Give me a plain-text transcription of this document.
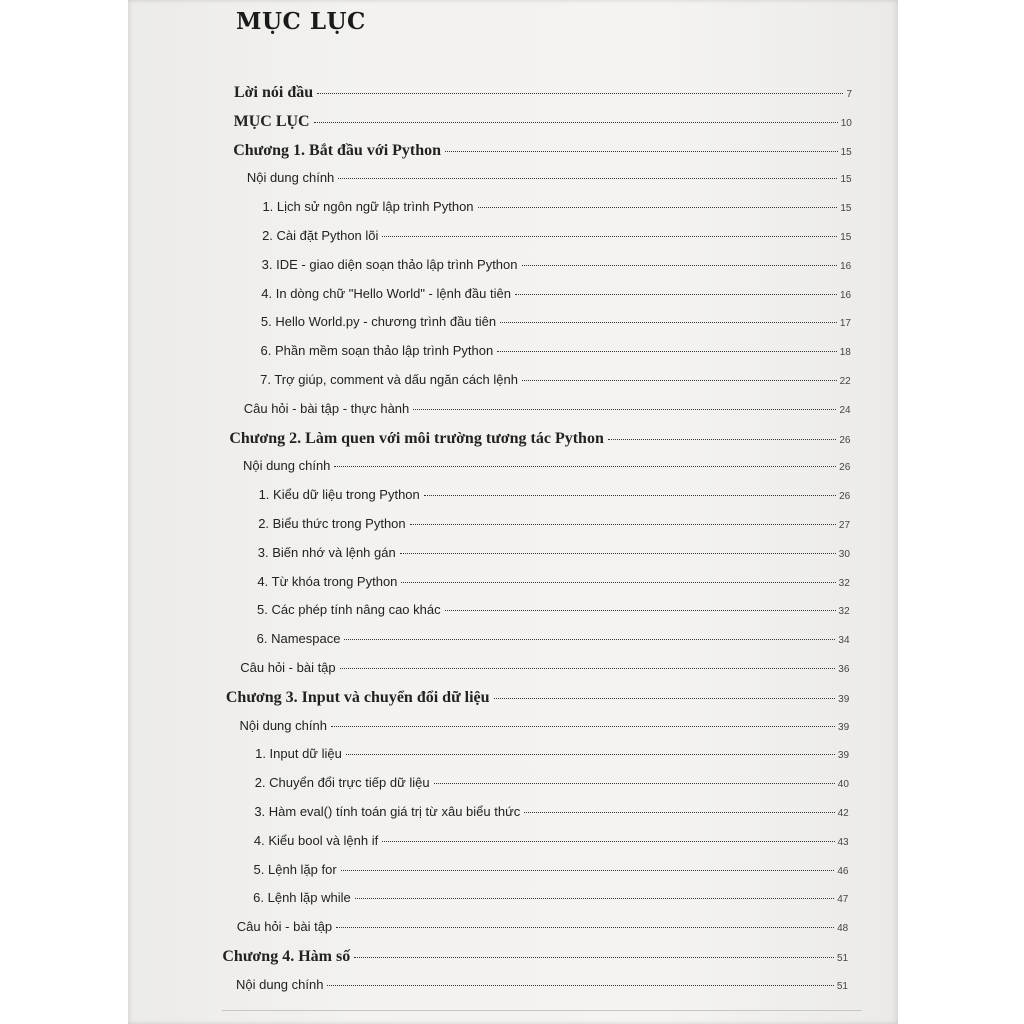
MỤC LỤC
Lời nói đầu	7
MỤC LỤC	10
Chương 1. Bắt đầu với Python	15
Nội dung chính	15
1. Lịch sử ngôn ngữ lập trình Python	15
2. Cài đặt Python lõi	15
3. IDE - giao diện soạn thảo lập trình Python	16
4. In dòng chữ "Hello World" - lệnh đầu tiên	16
5. Hello World.py - chương trình đầu tiên	17
6. Phần mềm soạn thảo lập trình Python	18
7. Trợ giúp, comment và dấu ngăn cách lệnh	22
Câu hỏi - bài tập - thực hành	24
Chương 2. Làm quen với môi trường tương tác Python	26
Nội dung chính	26
1. Kiểu dữ liệu trong Python	26
2. Biểu thức trong Python	27
3. Biến nhớ và lệnh gán	30
4. Từ khóa trong Python	32
5. Các phép tính nâng cao khác	32
6. Namespace	34
Câu hỏi - bài tập	36
Chương 3. Input và chuyển đổi dữ liệu	39
Nội dung chính	39
1. Input dữ liệu	39
2. Chuyển đổi trực tiếp dữ liệu	40
3. Hàm eval() tính toán giá trị từ xâu biểu thức	42
4. Kiểu bool và lệnh if	43
5. Lệnh lặp for	46
6. Lệnh lặp while	47
Câu hỏi - bài tập	48
Chương 4. Hàm số	51
Nội dung chính	51
